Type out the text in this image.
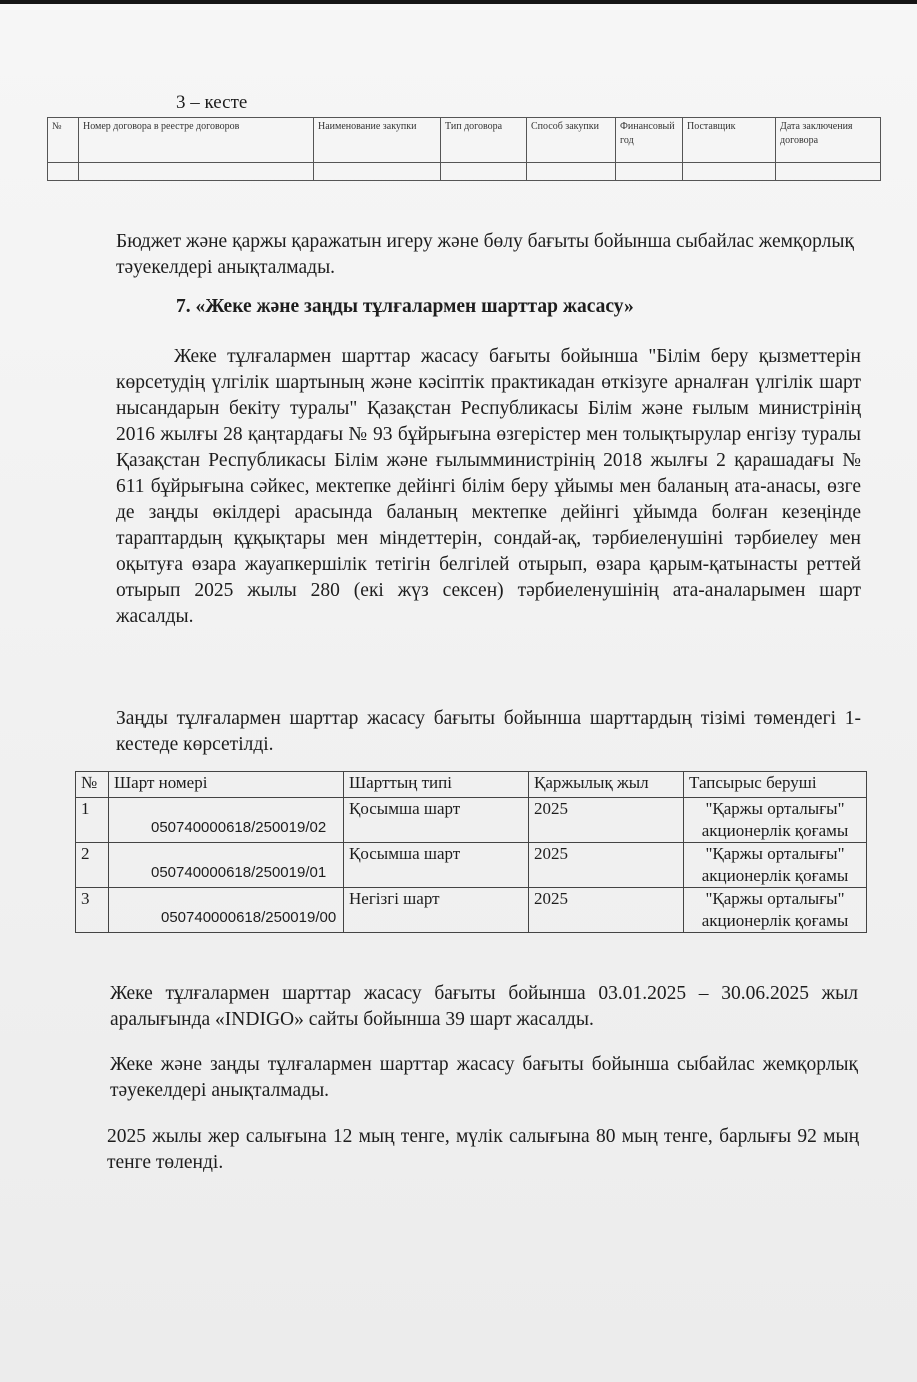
3 – кесте
№	Номер договора в реестре договоров	Наименование закупки	Тип договора	Способ закупки	Финансовый год	Поставщик	Дата заключения договора

Бюджет және қаржы қаражатын игеру және бөлу бағыты бойынша сыбайлас жемқорлық тәуекелдері анықталмады.
7. «Жеке және заңды тұлғалармен шарттар жасасу»
Жеке тұлғалармен шарттар жасасу бағыты бойынша "Білім беру қызметтерін көрсетудің үлгілік шартының және кәсіптік практикадан өткізуге арналған үлгілік шарт нысандарын бекіту туралы" Қазақстан Республикасы Білім және ғылым министрінің 2016 жылғы 28 қаңтардағы № 93 бұйрығына өзгерістер мен толықтырулар енгізу туралы Қазақстан Республикасы Білім және ғылымминистрінің 2018 жылғы 2 қарашадағы № 611 бұйрығына сәйкес, мектепке дейінгі білім беру ұйымы мен баланың ата-анасы, өзге де заңды өкілдері арасында баланың мектепке дейінгі ұйымда болған кезеңінде тараптардың құқықтары мен міндеттерін, сондай-ақ, тәрбиеленушіні тәрбиелеу мен оқытуға өзара жауапкершілік тетігін белгілей отырып, өзара қарым-қатынасты реттей отырып 2025 жылы 280 (екі жүз сексен) тәрбиеленушінің ата-аналарымен шарт жасалды.
Заңды тұлғалармен шарттар жасасу бағыты бойынша шарттардың тізімі төмендегі 1-кестеде көрсетілді.
№	Шарт номері	Шарттың типі	Қаржылық жыл	Тапсырыс беруші
1	050740000618/250019/02	Қосымша шарт	2025	"Қаржы орталығы"
акционерлік қоғамы

2	050740000618/250019/01	Қосымша шарт	2025	"Қаржы орталығы"
акционерлік қоғамы

3	050740000618/250019/00	Негізгі шарт	2025	"Қаржы орталығы"
акционерлік қоғамы
Жеке тұлғалармен шарттар жасасу бағыты бойынша 03.01.2025 – 30.06.2025 жыл аралығында «INDIGO» сайты бойынша 39 шарт жасалды.
Жеке және заңды тұлғалармен шарттар жасасу бағыты бойынша сыбайлас жемқорлық тәуекелдері анықталмады.
2025 жылы жер салығына 12 мың тенге, мүлік салығына 80 мың тенге, барлығы 92 мың тенге төленді.
